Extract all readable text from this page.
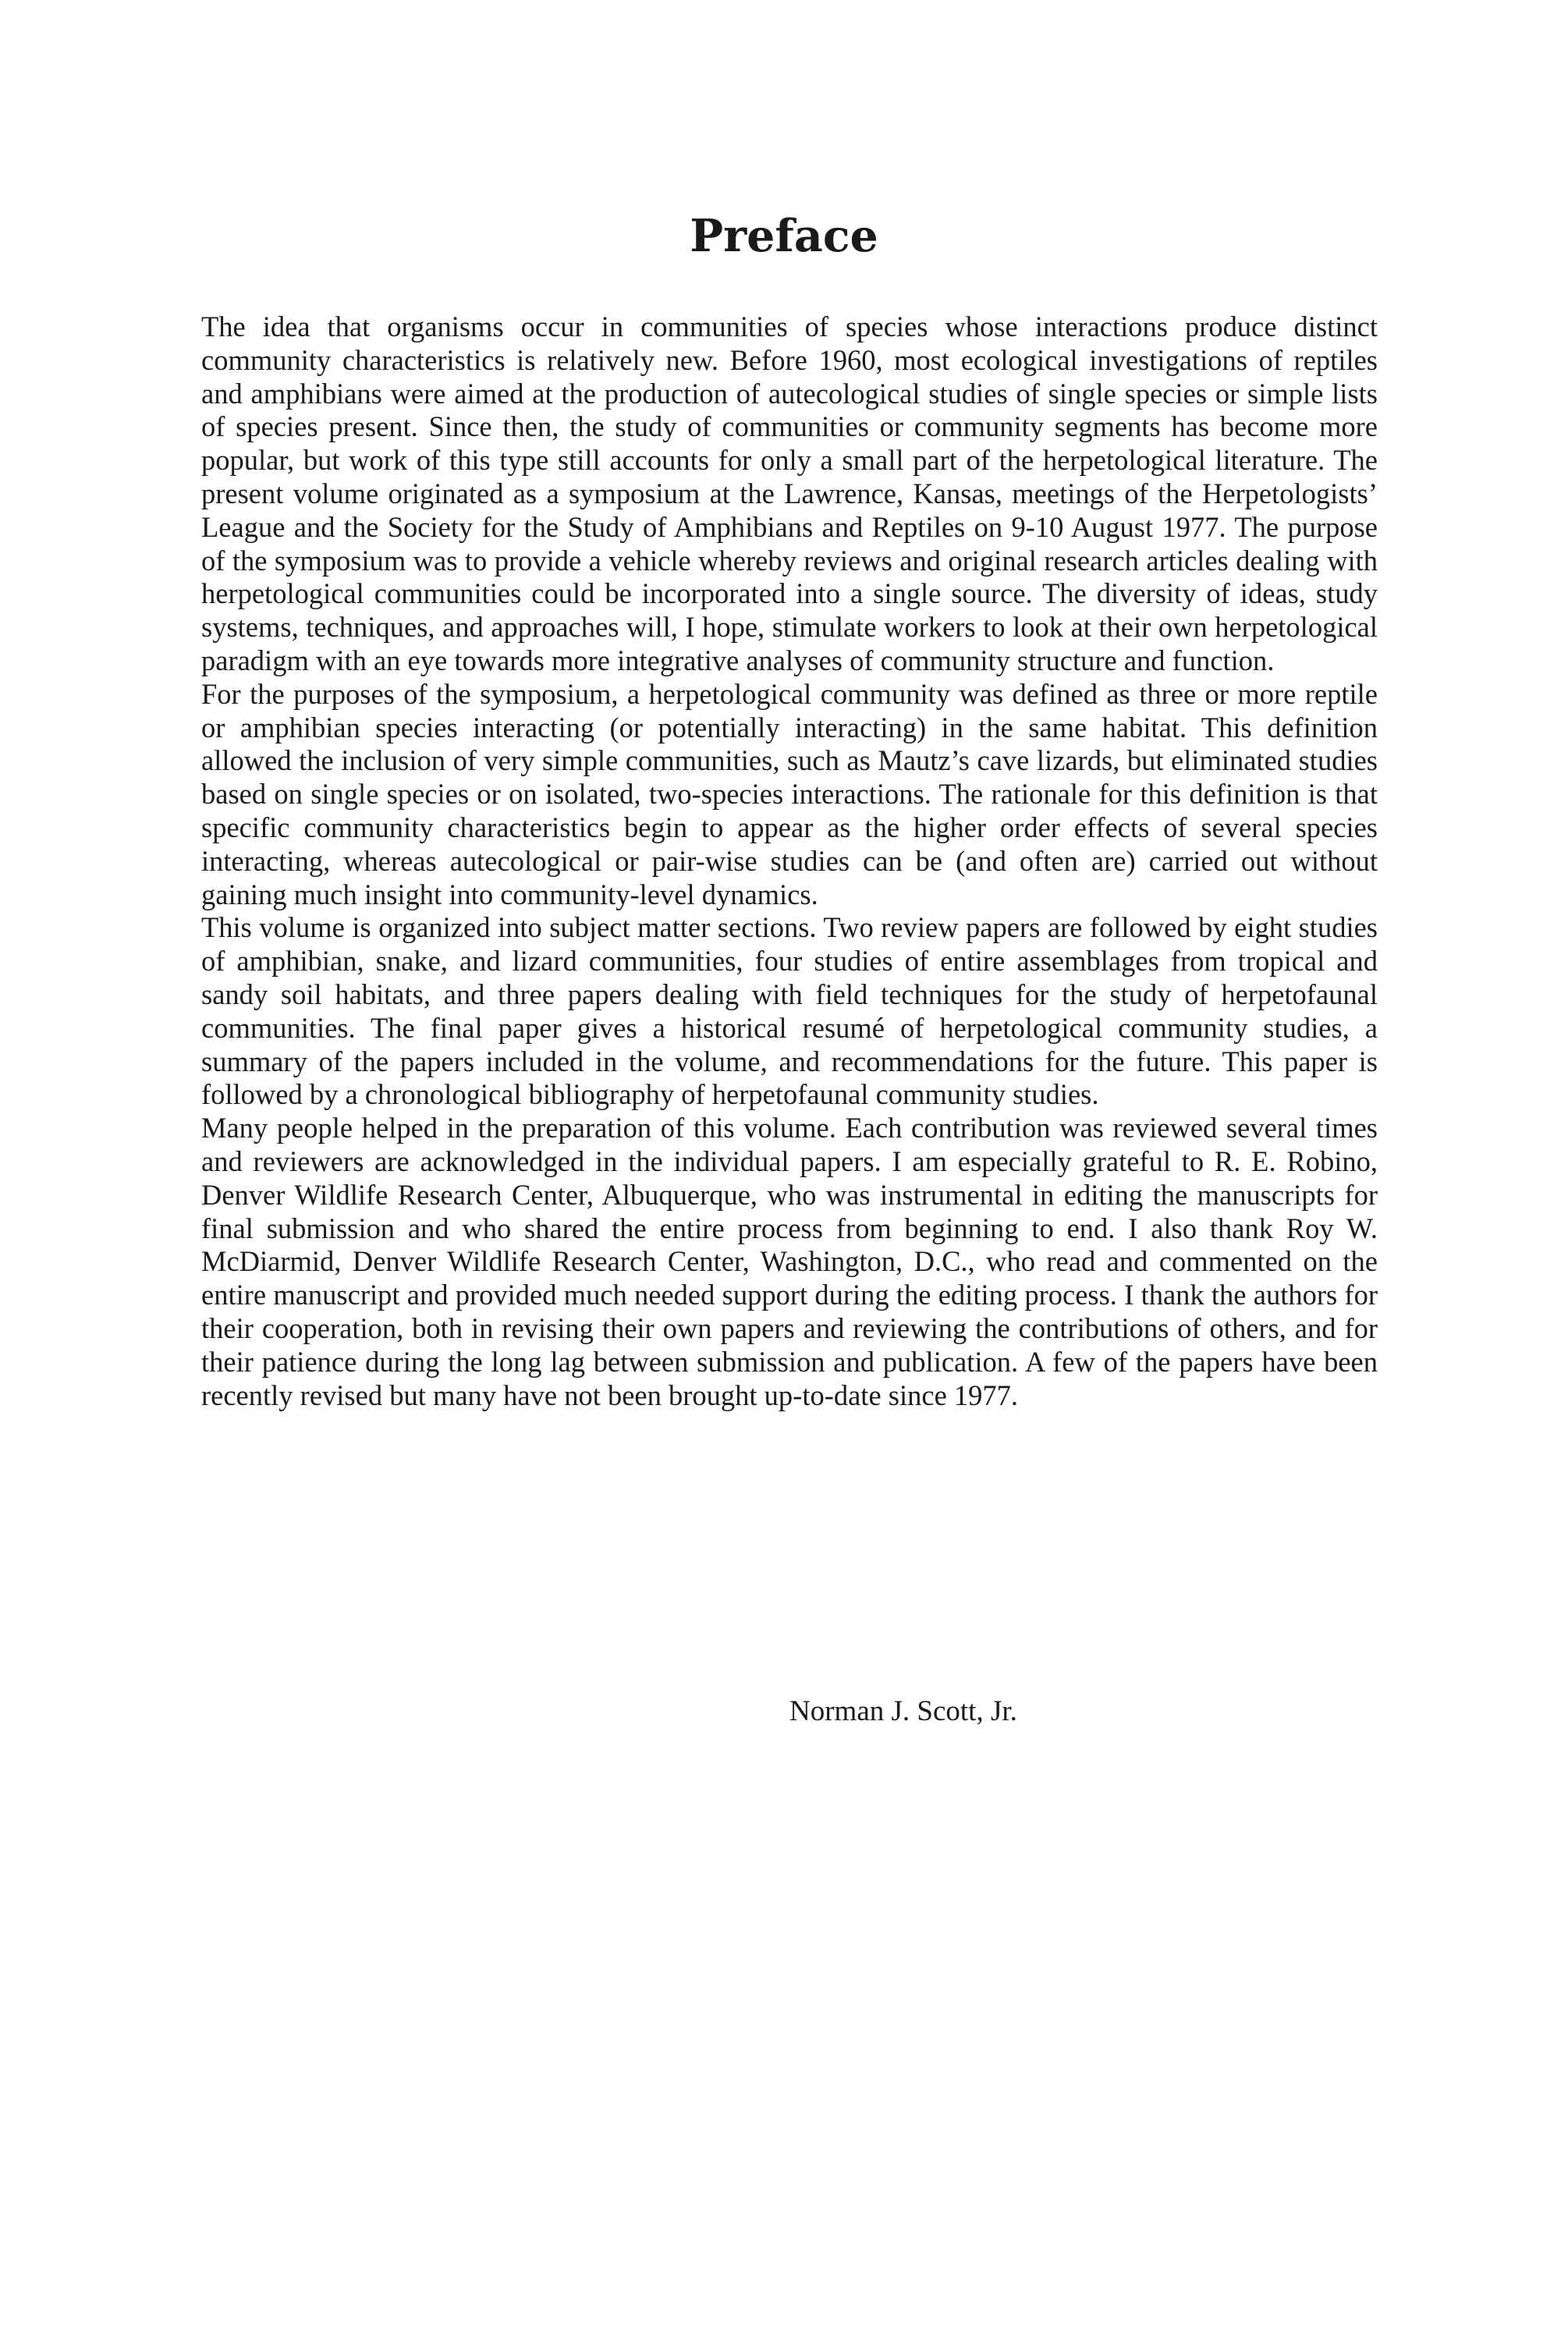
Preface

The idea that organisms occur in communities of species whose interactions produce distinct community characteristics is relatively new. Before 1960, most ecological investigations of reptiles and amphibians were aimed at the production of autecological studies of single species or simple lists of species present. Since then, the study of communities or community segments has become more popular, but work of this type still accounts for only a small part of the herpetological literature. The present volume originated as a symposium at the Lawrence, Kansas, meetings of the Herpetologists’ League and the Society for the Study of Amphibians and Reptiles on 9-10 August 1977. The purpose of the symposium was to provide a vehicle whereby reviews and original research articles dealing with herpetological communities could be incorporated into a single source. The diversity of ideas, study systems, techniques, and approaches will, I hope, stimulate workers to look at their own herpetological paradigm with an eye towards more integrative analyses of community structure and function.

For the purposes of the symposium, a herpetological community was defined as three or more reptile or amphibian species interacting (or potentially interacting) in the same habitat. This definition allowed the inclusion of very simple communities, such as Mautz’s cave lizards, but eliminated studies based on single species or on isolated, two-species interactions. The rationale for this definition is that specific community characteristics begin to appear as the higher order effects of several species interacting, whereas autecological or pair-wise studies can be (and often are) carried out without gaining much insight into community-level dynamics.

This volume is organized into subject matter sections. Two review papers are followed by eight studies of amphibian, snake, and lizard communities, four studies of entire assemblages from tropical and sandy soil habitats, and three papers dealing with field techniques for the study of herpetofaunal communities. The final paper gives a historical resumé of herpetological community studies, a summary of the papers included in the volume, and recommendations for the future. This paper is followed by a chronological bibliography of herpetofaunal community studies.

Many people helped in the preparation of this volume. Each contribution was reviewed several times and reviewers are acknowledged in the individual papers. I am especially grateful to R. E. Robino, Denver Wildlife Research Center, Albuquerque, who was instrumental in editing the manuscripts for final submission and who shared the entire process from beginning to end. I also thank Roy W. McDiarmid, Denver Wildlife Research Center, Washington, D.C., who read and commented on the entire manuscript and provided much needed support during the editing process. I thank the authors for their cooperation, both in revising their own papers and reviewing the contributions of others, and for their patience during the long lag between submission and publication. A few of the papers have been recently revised but many have not been brought up-to-date since 1977.

Norman J. Scott, Jr.
